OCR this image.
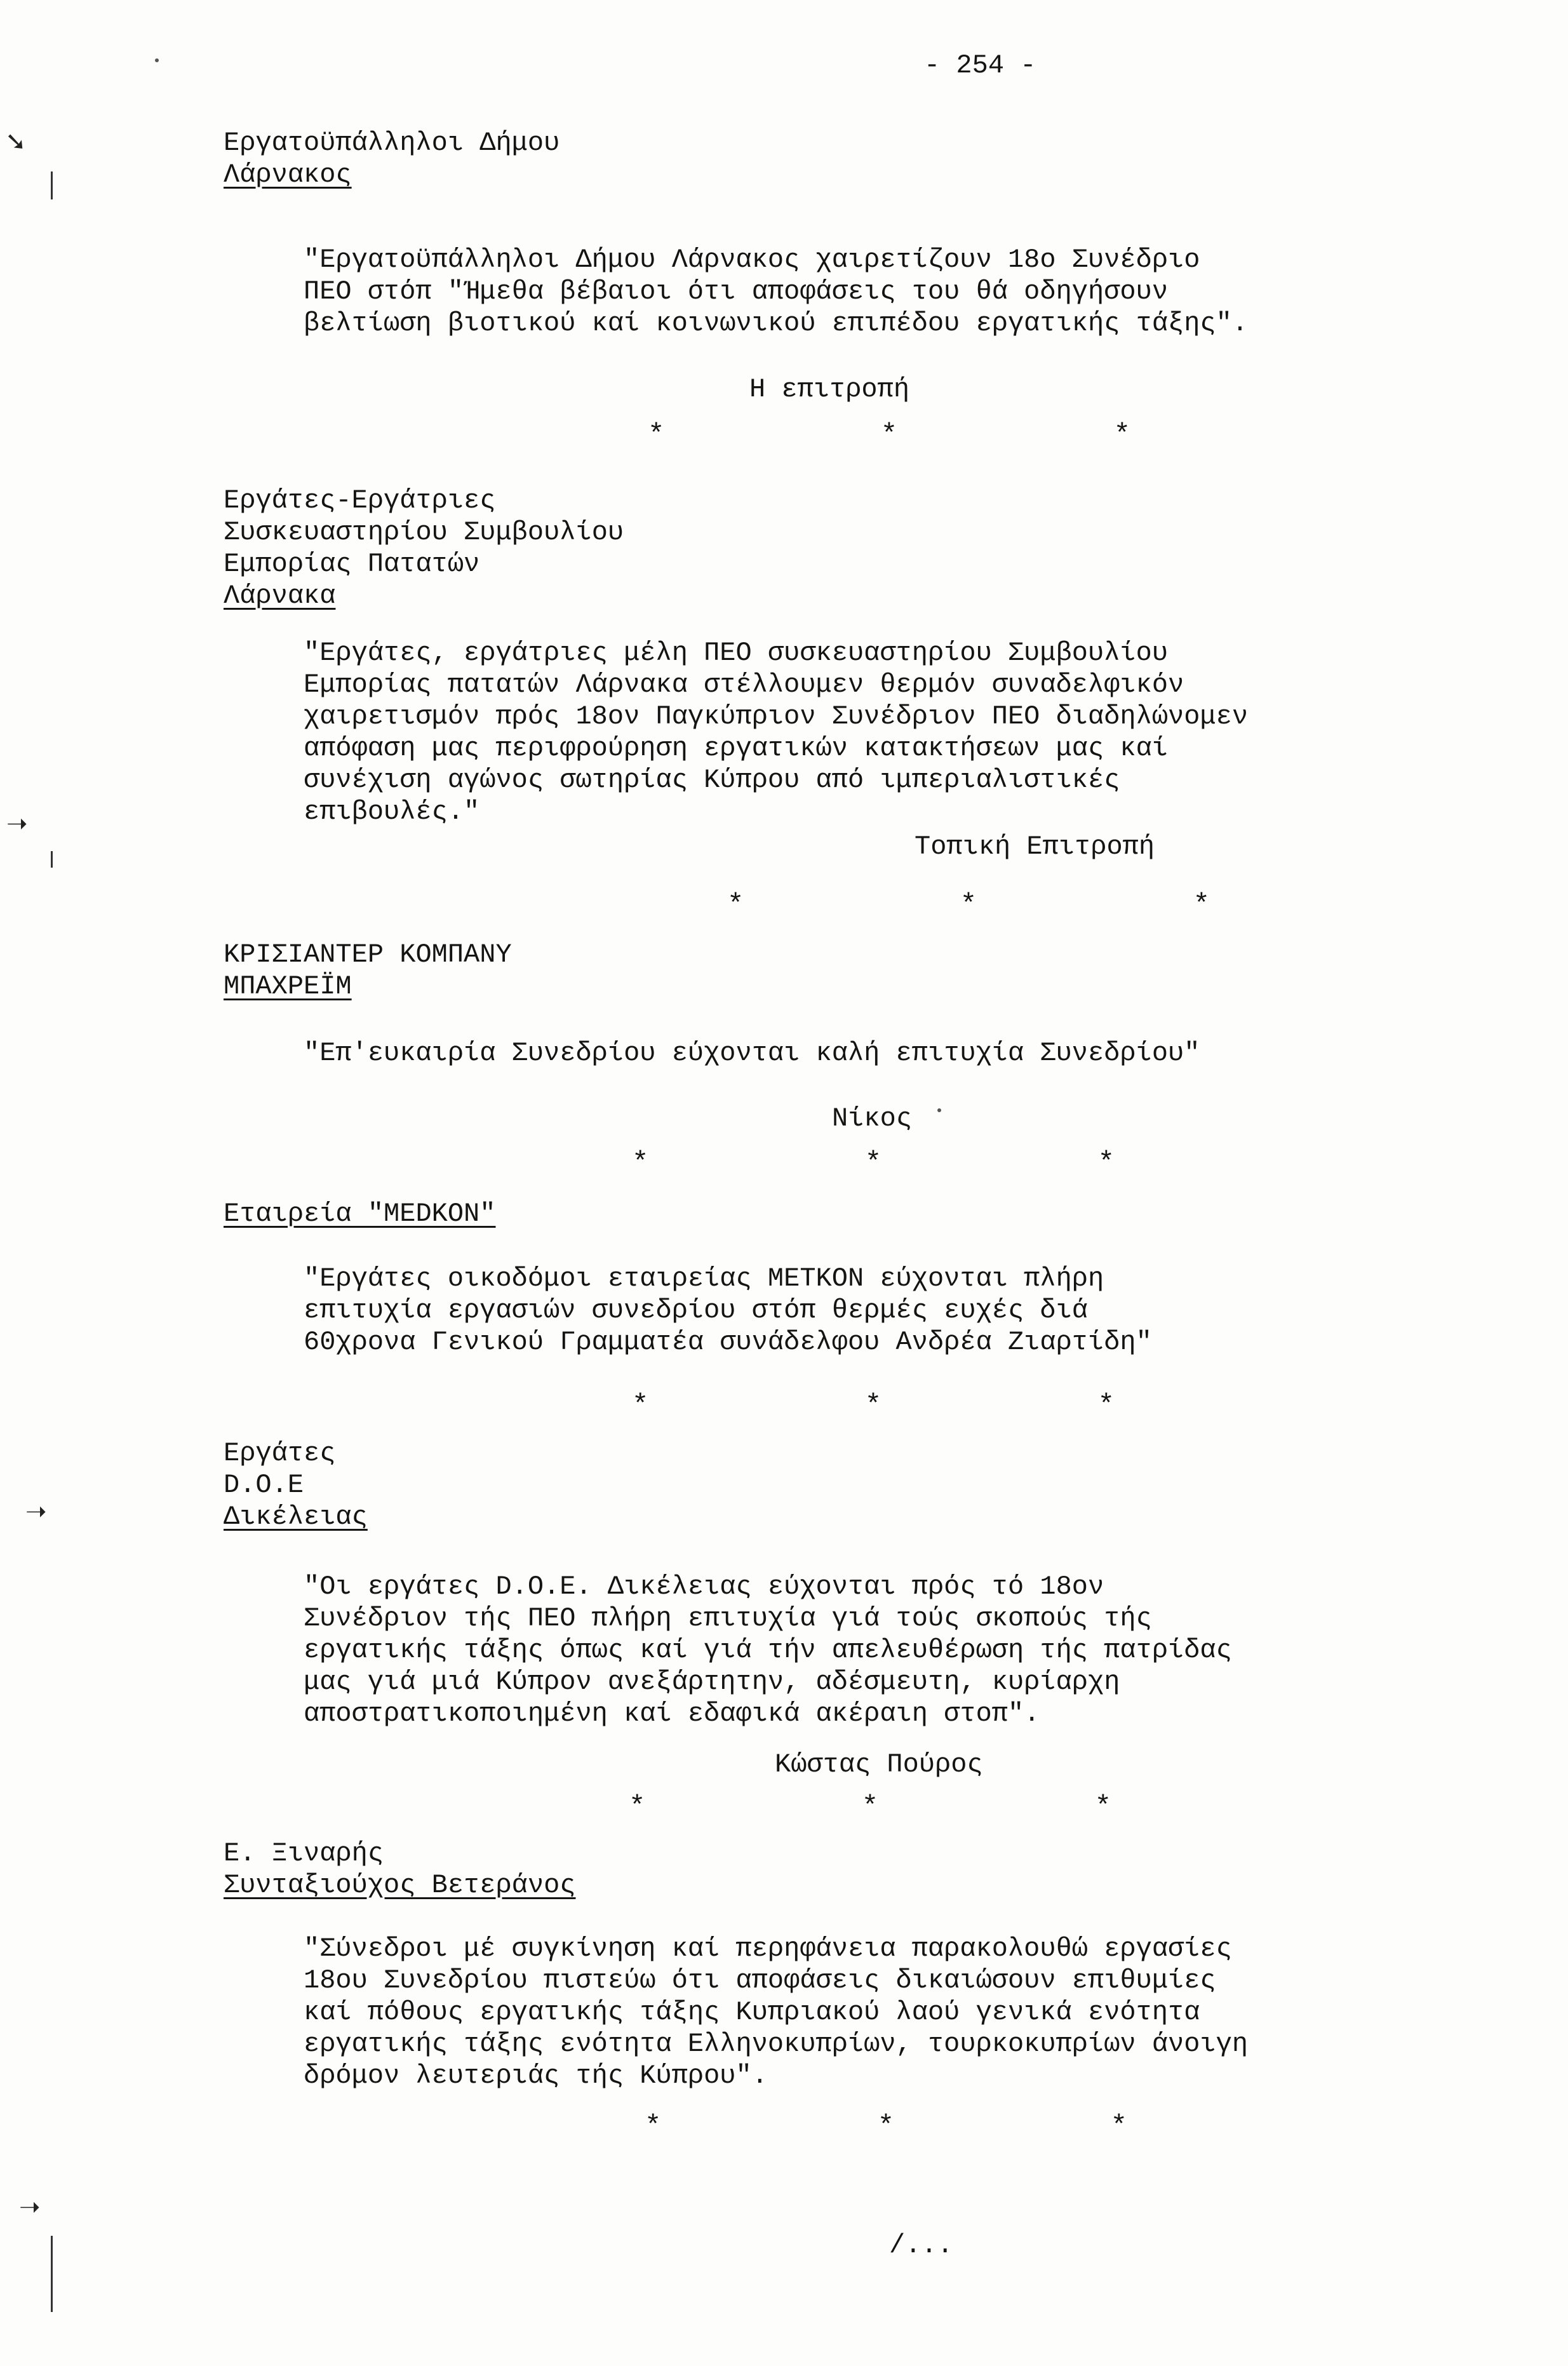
- 254 -
➘
➝
➝
➝
Εργατοϋπάλληλοι Δήμου
Λάρνακος
"Εργατοϋπάλληλοι Δήμου Λάρνακος χαιρετίζουν 18ο Συνέδριο
ΠΕΟ στόπ "Ήμεθα βέβαιοι ότι αποφάσεις του θά οδηγήσουν
βελτίωση βιοτικού καί κοινωνικού επιπέδου εργατικής τάξης".
Η επιτροπή
*	*	*
Εργάτες-Εργάτριες
Συσκευαστηρίου Συμβουλίου
Εμπορίας Πατατών
Λάρνακα
"Εργάτες, εργάτριες μέλη ΠΕΟ συσκευαστηρίου Συμβουλίου
Εμπορίας πατατών Λάρνακα στέλλουμεν θερμόν συναδελφικόν
χαιρετισμόν πρός 18ον Παγκύπριον Συνέδριον ΠΕΟ διαδηλώνομεν
απόφαση μας περιφρούρηση εργατικών κατακτήσεων μας καί
συνέχιση αγώνος σωτηρίας Κύπρου από ιμπεριαλιστικές
επιβουλές."
Τοπική Επιτροπή
*	*	*
ΚΡΙΣΙΑΝΤΕΡ ΚΟΜΠΑΝΥ
ΜΠΑΧΡΕΪΜ
"Επ'ευκαιρία Συνεδρίου εύχονται καλή επιτυχία Συνεδρίου"
Νίκος
*	*	*
Εταιρεία "MEDKON"
"Εργάτες οικοδόμοι εταιρείας ΜΕΤΚΟΝ εύχονται πλήρη
επιτυχία εργασιών συνεδρίου στόπ θερμές ευχές διά
60χρονα Γενικού Γραμματέα συνάδελφου Ανδρέα Ζιαρτίδη"
*	*	*
Εργάτες
D.O.E
Δικέλειας
"Οι εργάτες D.O.E. Δικέλειας εύχονται πρός τό 18ον
Συνέδριον τής ΠΕΟ πλήρη επιτυχία γιά τούς σκοπούς τής
εργατικής τάξης όπως καί γιά τήν απελευθέρωση τής πατρίδας
μας γιά μιά Κύπρον ανεξάρτητην, αδέσμευτη, κυρίαρχη
αποστρατικοποιημένη καί εδαφικά ακέραιη στοπ".
Κώστας Πούρος
*	*	*
Ε. Ξιναρής
Συνταξιούχος Βετεράνος
"Σύνεδροι μέ συγκίνηση καί περηφάνεια παρακολουθώ εργασίες
18ου Συνεδρίου πιστεύω ότι αποφάσεις δικαιώσουν επιθυμίες
καί πόθους εργατικής τάξης Κυπριακού λαού γενικά ενότητα
εργατικής τάξης ενότητα Ελληνοκυπρίων, τουρκοκυπρίων άνοιγη
δρόμον λευτεριάς τής Κύπρου".
*	*	*
/...
